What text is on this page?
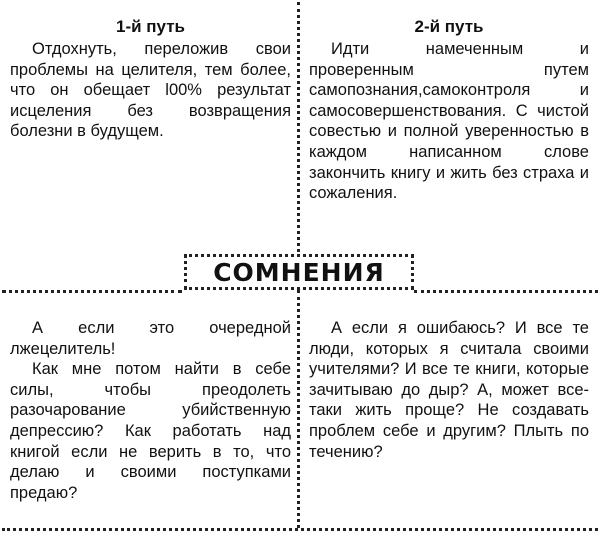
1-й путь

Отдохнуть, переложив свои проблемы на целителя, тем более, что он обещает l00% результат исцеления без возвращения болезни в будущем.

2-й путь

Идти намеченным и проверенным путем самопознания,самоконтроля и самосовершенствования. С чистой совестью и полной уверенностью в каждом написанном слове закончить книгу и жить без страха и сожаления.

СОМНЕНИЯ

А если это очередной лжецелитель!

Как мне потом найти в себе силы, чтобы преодолеть разочарование убийственную депрессию? Как работать над книгой если не верить в то, что делаю и своими поступками предаю?

А если я ошибаюсь? И все те люди, которых я считала своими учителями? И все те книги, которые зачитываю до дыр? А, может все-таки жить проще? Не создавать проблем себе и другим? Плыть по течению?
